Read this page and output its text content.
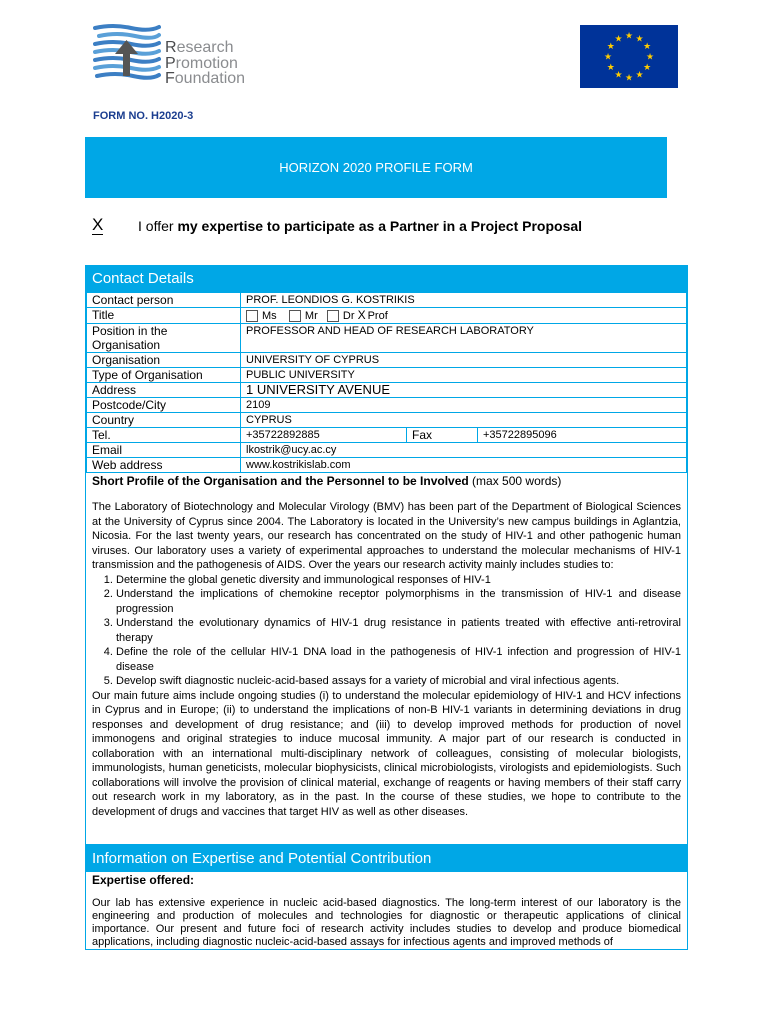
Research
Promotion
Foundation
★ ★
★
★
★
★
★
★
★
★
★
★
FORM NO. H2020-3
HORIZON 2020 PROFILE FORM
X I offer my expertise to participate as a Partner in a Project Proposal
Contact Details
Contact person	PROF. LEONDIOS G. KOSTRIKIS		
Title	Ms Mr Dr X Prof		
Position in the Organisation	PROFESSOR AND HEAD OF RESEARCH LABORATORY		
Organisation	UNIVERSITY OF CYPRUS		
Type of Organisation	PUBLIC UNIVERSITY		
Address	1 UNIVERSITY AVENUE		
Postcode/City	2109		
Country	CYPRUS		
Tel.	+35722892885	Fax	+35722895096
Email	lkostrik@ucy.ac.cy		
Web address	www.kostrikislab.com		
Short Profile of the Organisation and the Personnel to be Involved (max 500 words)
The Laboratory of Biotechnology and Molecular Virology (BMV) has been part of the Department of Biological Sciences at the University of Cyprus since 2004. The Laboratory is located in the University’s new campus buildings in Aglantzia, Nicosia. For the last twenty years, our research has concentrated on the study of HIV-1 and other pathogenic human viruses. Our laboratory uses a variety of experimental approaches to understand the molecular mechanisms of HIV-1 transmission and the pathogenesis of AIDS. Over the years our research activity mainly includes studies to:
1. Determine the global genetic diversity and immunological responses of HIV-1
2. Understand the implications of chemokine receptor polymorphisms in the transmission of HIV-1 and disease progression
3. Understand the evolutionary dynamics of HIV-1 drug resistance in patients treated with effective anti-retroviral therapy
4. Define the role of the cellular HIV-1 DNA load in the pathogenesis of HIV-1 infection and progression of HIV-1 disease
5. Develop swift diagnostic nucleic-acid-based assays for a variety of microbial and viral infectious agents.
Our main future aims include ongoing studies (i) to understand the molecular epidemiology of HIV-1 and HCV infections in Cyprus and in Europe; (ii) to understand the implications of non-B HIV-1 variants in determining deviations in drug responses and development of drug resistance; and (iii) to develop improved methods for production of novel immonogens and original strategies to induce mucosal immunity. A major part of our research is conducted in collaboration with an international multi-disciplinary network of colleagues, consisting of molecular biologists, immunologists, human geneticists, molecular biophysicists, clinical microbiologists, virologists and epidemiologists. Such collaborations will involve the provision of clinical material, exchange of reagents or having members of their staff carry out research work in my laboratory, as in the past. In the course of these studies, we hope to contribute to the development of drugs and vaccines that target HIV as well as other diseases.
Information on Expertise and Potential Contribution
Expertise offered:
Our lab has extensive experience in nucleic acid-based diagnostics. The long-term interest of our laboratory is the engineering and production of molecules and technologies for diagnostic or therapeutic applications of clinical importance. Our present and future foci of research activity includes studies to develop and produce biomedical applications, including diagnostic nucleic-acid-based assays for infectious agents and improved methods of
